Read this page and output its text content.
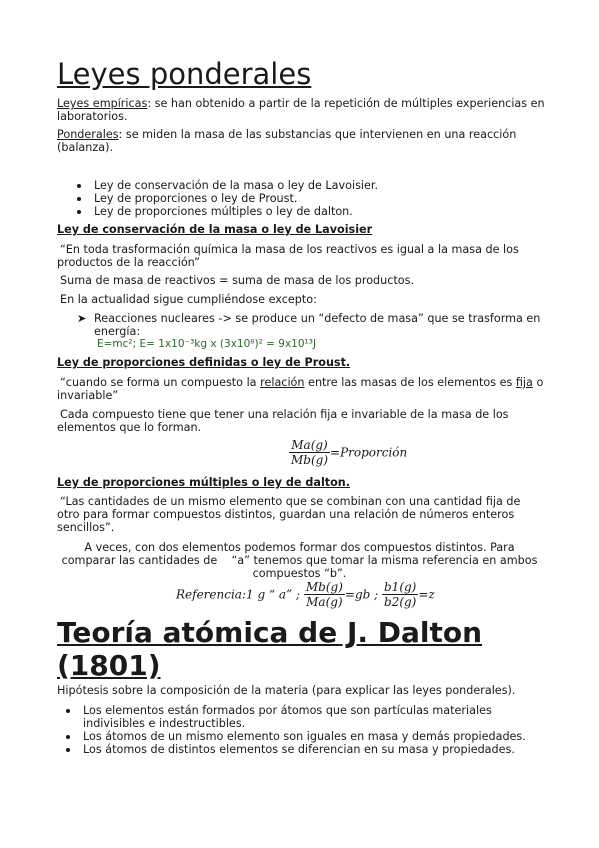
Leyes ponderales
Leyes empíricas: se han obtenido a partir de la repetición de múltiples experiencias en laboratorios.
Ponderales: se miden la masa de las substancias que intervienen en una reacción (balanza).
Ley de conservación de la masa o ley de Lavoisier.
Ley de proporciones o ley de Proust.
Ley de proporciones múltiples o ley de dalton.
Ley de conservación de la masa o ley de Lavoisier
“En toda trasformación química la masa de los reactivos es igual a la masa de los
productos de la reacción”
Suma de masa de reactivos = suma de masa de los productos.
En la actualidad sigue cumpliéndose excepto:
➤ Reacciones nucleares -> se produce un “defecto de masa” que se trasforma en
energía:
E=mc²; E= 1x10⁻³kg x (3x10⁸)² = 9x10¹³J
Ley de proporciones definidas o ley de Proust.
“cuando se forma un compuesto la relación entre las masas de los elementos es fija o
invariable”
Cada compuesto tiene que tener una relación fija e invariable de la masa de los
elementos que lo forman.
$\frac{Ma(g)}{Mb(g)}$ =Proporción
Ley de proporciones múltiples o ley de dalton.
“Las cantidades de un mismo elemento que se combinan con una cantidad fija de
otro para formar compuestos distintos, guardan una relación de números enteros
sencillos”.
A veces, con dos elementos podemos formar dos compuestos distintos. Para
comparar las cantidades de    “a” tenemos que tomar la misma referencia en ambos
compuestos “b”.
Referencia:1 g “ a” ; $\frac{Mb(g)}{Ma(g)} =gb$ ; $\frac{b1(g)}{b2(g)} =z$
Teoría atómica de J. Dalton
(1801)
Hipótesis sobre la composición de la materia (para explicar las leyes ponderales).
Los elementos están formados por átomos que son partículas materiales
indivisibles e indestructibles.
Los átomos de un mismo elemento son iguales en masa y demás propiedades.
Los átomos de distintos elementos se diferencian en su masa y propiedades.
